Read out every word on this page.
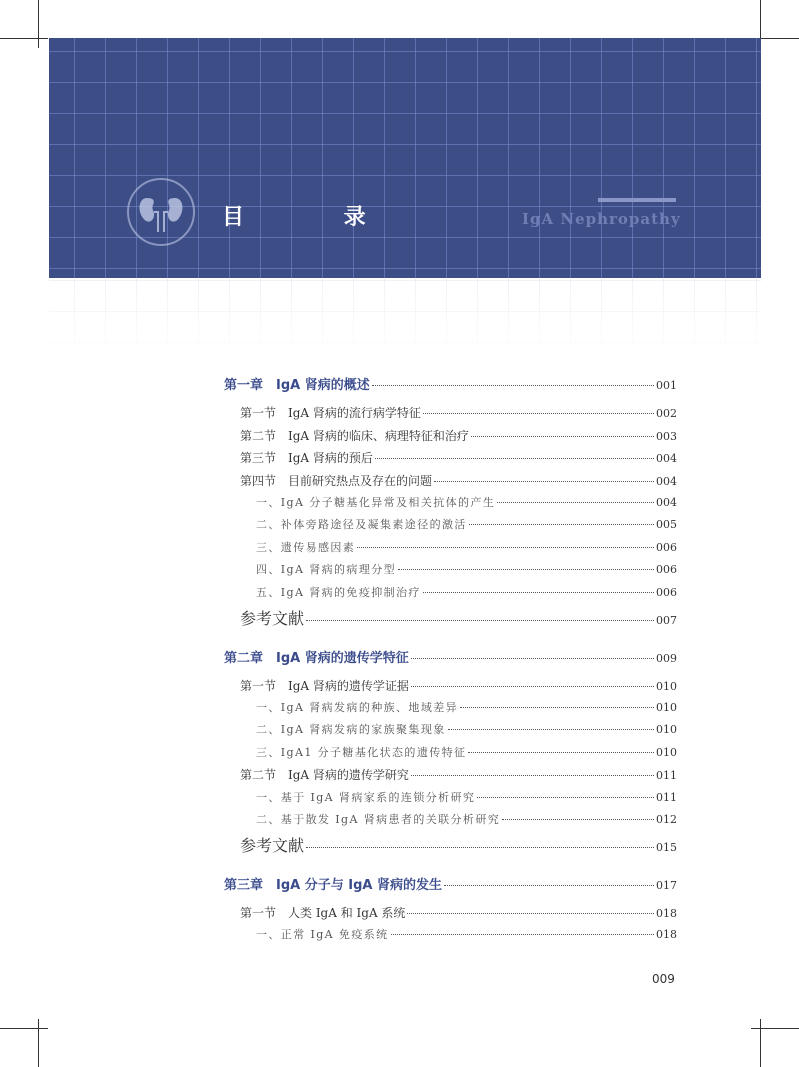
目 录	IgA Nephropathy
第一章　IgA 肾病的概述	001
第一节　IgA 肾病的流行病学特征	002
第二节　IgA 肾病的临床、病理特征和治疗	003
第三节　IgA 肾病的预后	004
第四节　目前研究热点及存在的问题	004
一、IgA 分子糖基化异常及相关抗体的产生	004
二、补体旁路途径及凝集素途径的激活	005
三、遗传易感因素	006
四、IgA 肾病的病理分型	006
五、IgA 肾病的免疫抑制治疗	006
参考文献	007
第二章　IgA 肾病的遗传学特征	009
第一节　IgA 肾病的遗传学证据	010
一、IgA 肾病发病的种族、地域差异	010
二、IgA 肾病发病的家族聚集现象	010
三、IgA1 分子糖基化状态的遗传特征	010
第二节　IgA 肾病的遗传学研究	011
一、基于 IgA 肾病家系的连锁分析研究	011
二、基于散发 IgA 肾病患者的关联分析研究	012
参考文献	015
第三章　IgA 分子与 IgA 肾病的发生	017
第一节　人类 IgA 和 IgA 系统	018
一、正常 IgA 免疫系统	018
009
